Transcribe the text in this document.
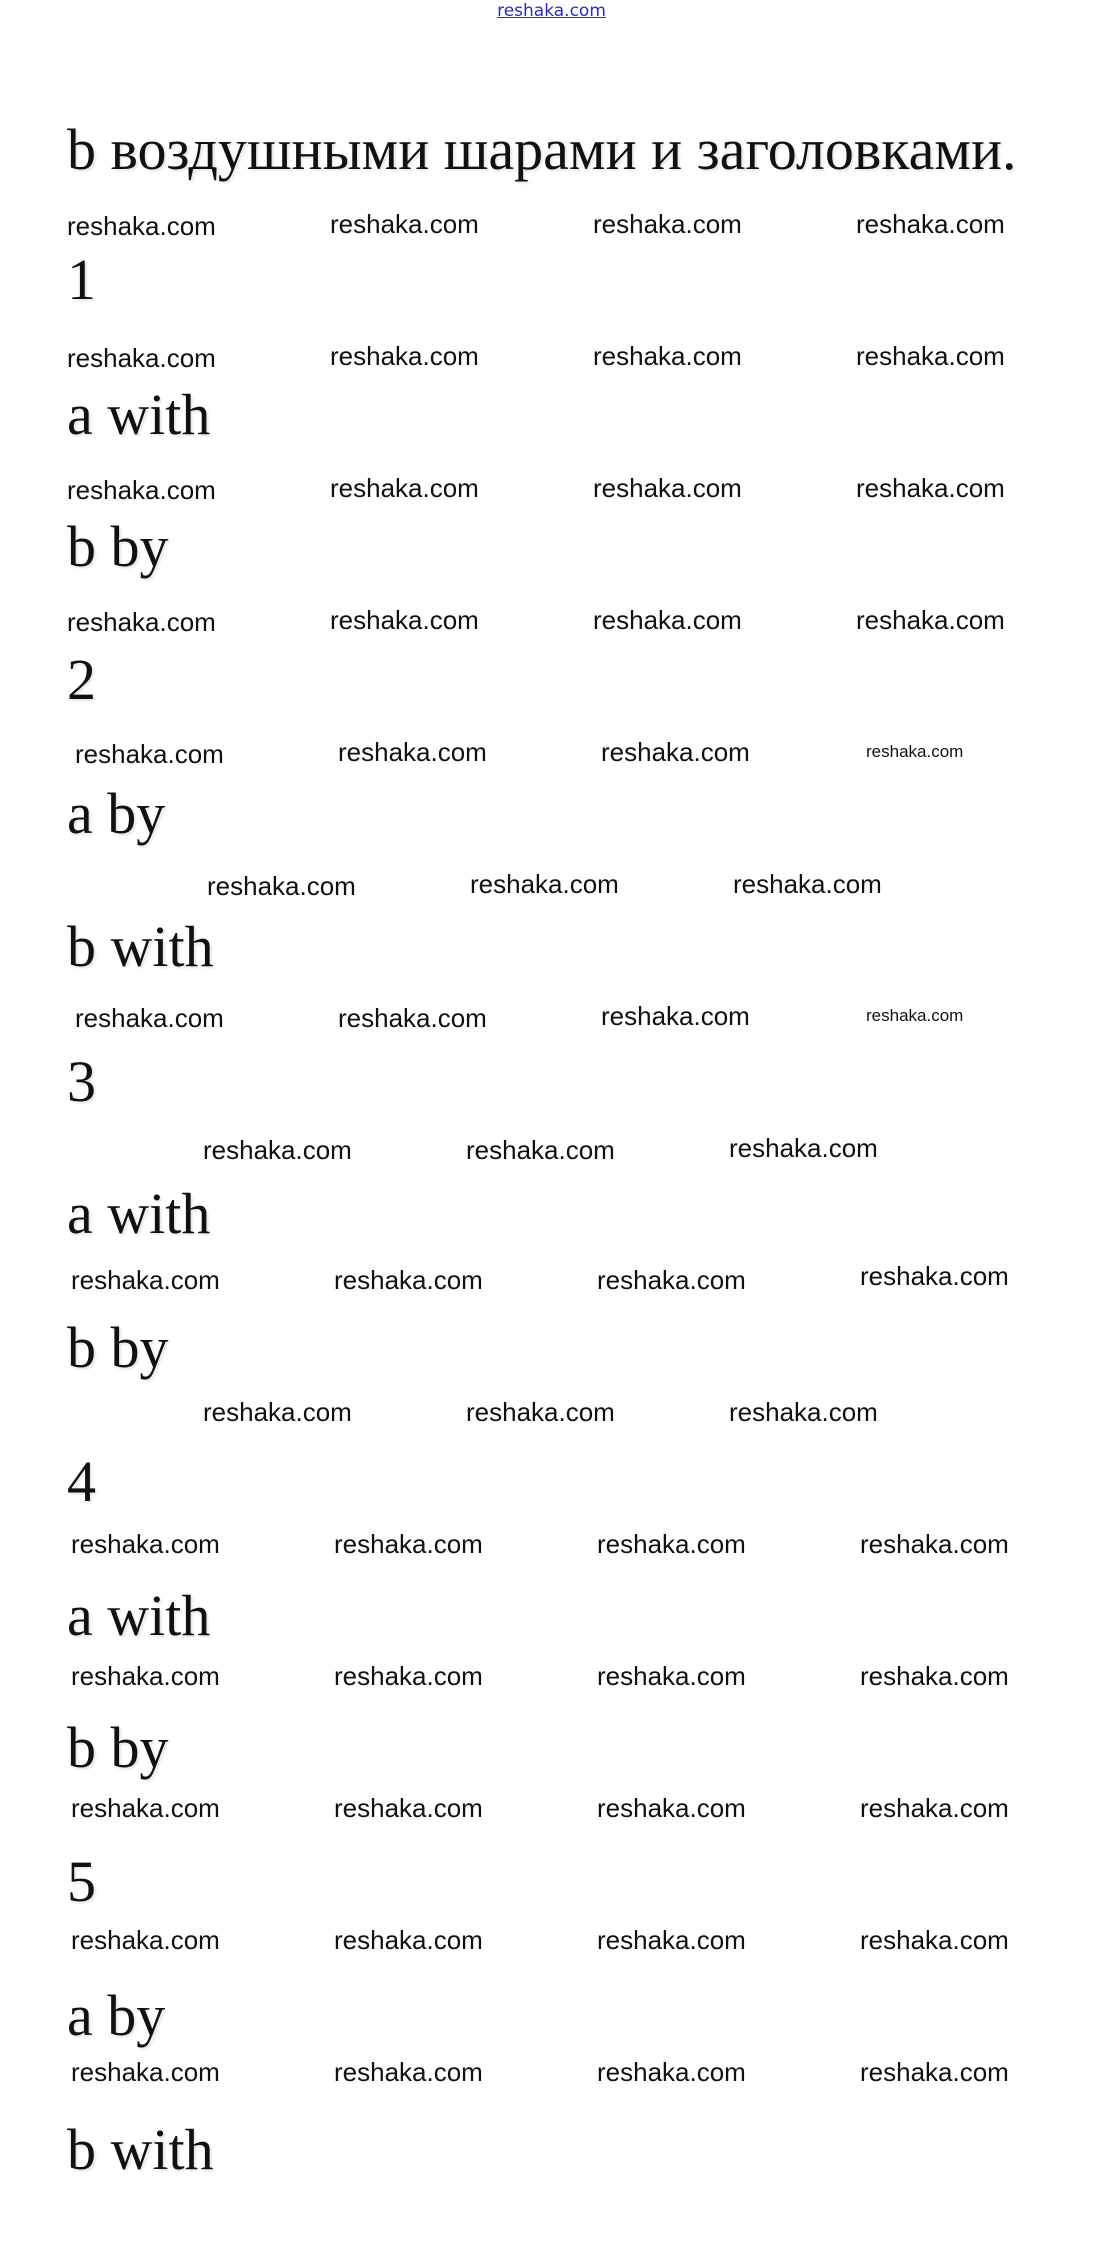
reshaka.com
b воздушными шарами и заголовками.
1
a with
b by
2
a by
b with
3
a with
b by
4
a with
b by
5
a by
b with
reshaka.com	reshaka.com	reshaka.com	reshaka.com
reshaka.com	reshaka.com	reshaka.com	reshaka.com
reshaka.com	reshaka.com	reshaka.com	reshaka.com
reshaka.com	reshaka.com	reshaka.com	reshaka.com
reshaka.com	reshaka.com	reshaka.com	reshaka.com
reshaka.com	reshaka.com	reshaka.com
reshaka.com	reshaka.com	reshaka.com	reshaka.com
reshaka.com	reshaka.com	reshaka.com
reshaka.com	reshaka.com	reshaka.com	reshaka.com
reshaka.com	reshaka.com	reshaka.com
reshaka.com	reshaka.com	reshaka.com	reshaka.com
reshaka.com	reshaka.com	reshaka.com	reshaka.com
reshaka.com	reshaka.com	reshaka.com	reshaka.com
reshaka.com	reshaka.com	reshaka.com	reshaka.com
reshaka.com	reshaka.com	reshaka.com	reshaka.com
